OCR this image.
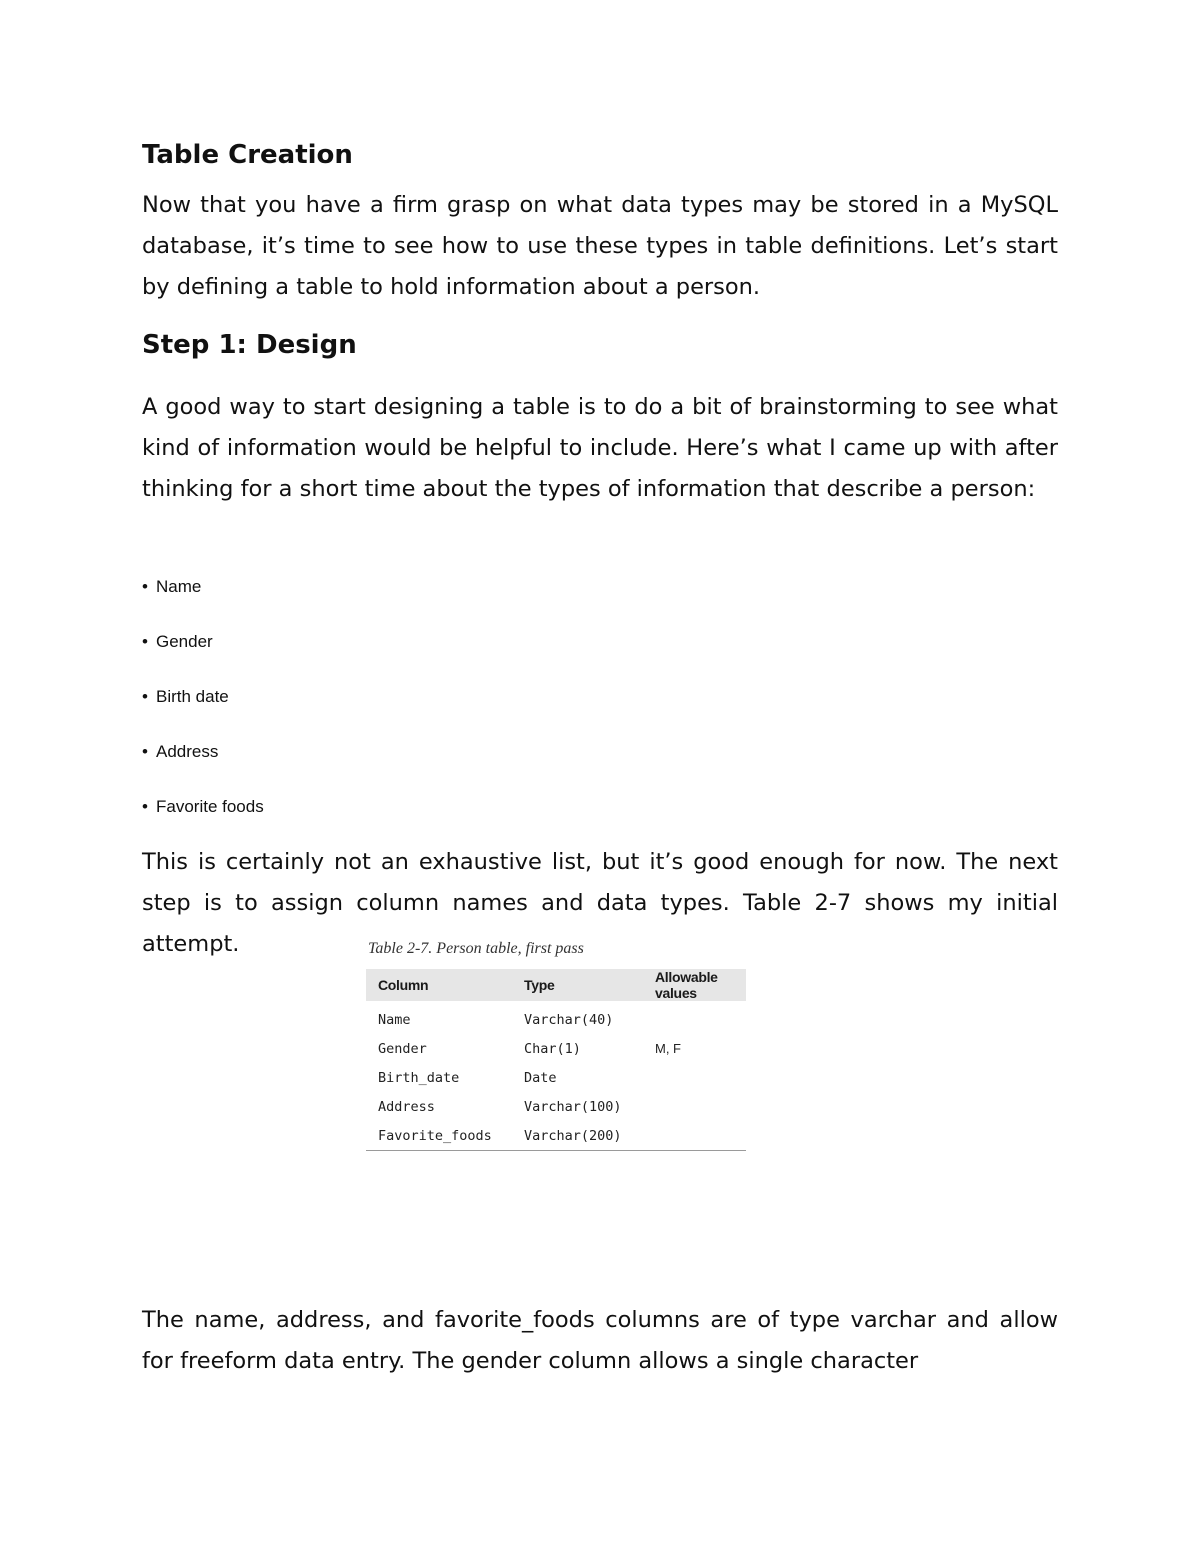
Table Creation

Now that you have a firm grasp on what data types may be stored in a MySQL database, it’s time to see how to use these types in table definitions. Let’s start by defining a table to hold information about a person.

Step 1: Design

A good way to start designing a table is to do a bit of brainstorming to see what kind of information would be helpful to include. Here’s what I came up with after thinking for a short time about the types of information that describe a person:

• Name
• Gender
• Birth date
• Address
• Favorite foods

This is certainly not an exhaustive list, but it’s good enough for now. The next step is to assign column names and data types. Table 2-7 shows my initial attempt.

The name, address, and favorite_foods columns are of type varchar and allow for freeform data entry. The gender column allows a single character

Table 2-7. Person table, first pass
Column	Type	Allowable values
Name	Varchar(40)	
Gender	Char(1)	M, F
Birth_date	Date	
Address	Varchar(100)	
Favorite_foods	Varchar(200)	
